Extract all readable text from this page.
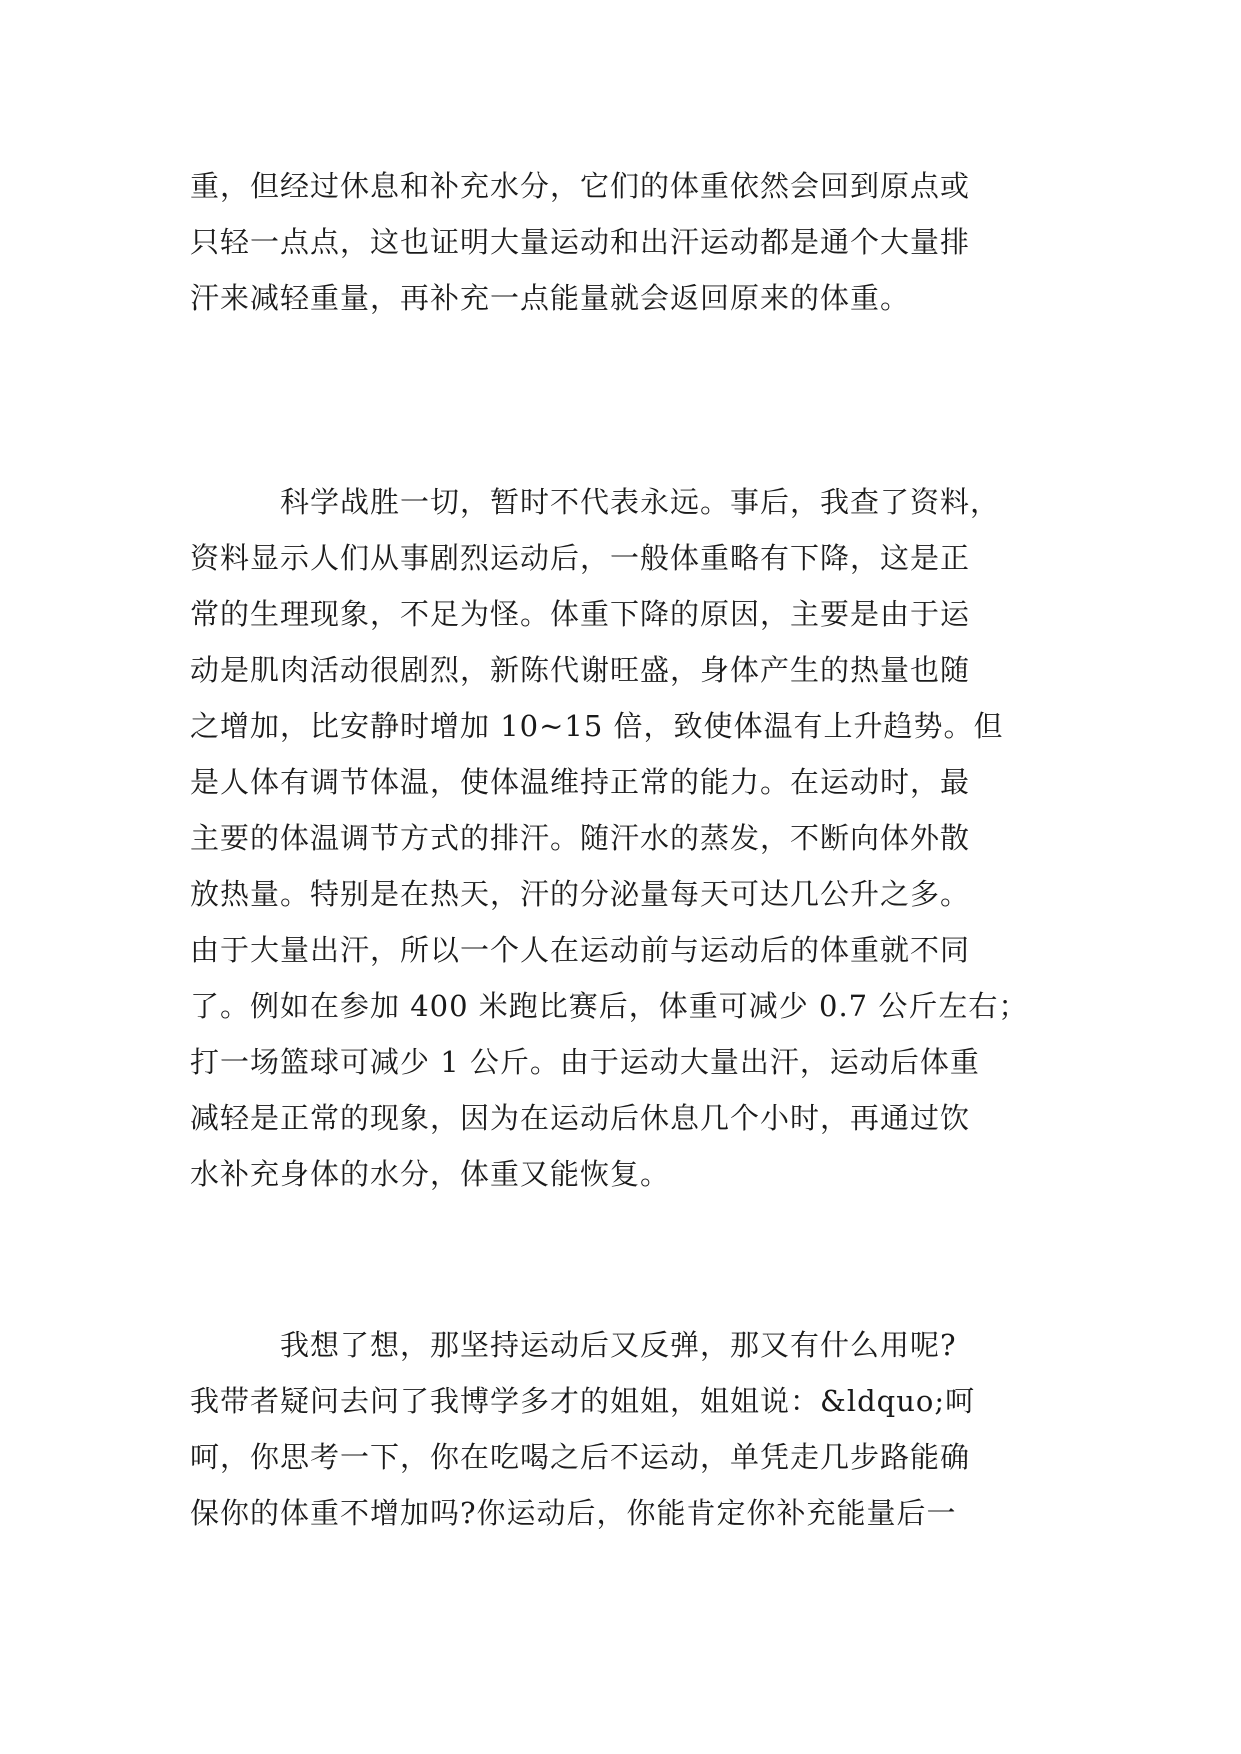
重，但经过休息和补充水分，它们的体重依然会回到原点或
只轻一点点，这也证明大量运动和出汗运动都是通个大量排
汗来减轻重量，再补充一点能量就会返回原来的体重。
　　　科学战胜一切，暂时不代表永远。事后，我查了资料，
资料显示人们从事剧烈运动后，一般体重略有下降，这是正
常的生理现象，不足为怪。体重下降的原因，主要是由于运
动是肌肉活动很剧烈，新陈代谢旺盛，身体产生的热量也随
之增加，比安静时增加 10~15 倍，致使体温有上升趋势。但
是人体有调节体温，使体温维持正常的能力。在运动时，最
主要的体温调节方式的排汗。随汗水的蒸发，不断向体外散
放热量。特别是在热天，汗的分泌量每天可达几公升之多。
由于大量出汗，所以一个人在运动前与运动后的体重就不同
了。例如在参加 400 米跑比赛后，体重可减少 0.7 公斤左右；
打一场篮球可减少 1 公斤。由于运动大量出汗，运动后体重
减轻是正常的现象，因为在运动后休息几个小时，再通过饮
水补充身体的水分，体重又能恢复。
　　　我想了想，那坚持运动后又反弹，那又有什么用呢?
我带者疑问去问了我博学多才的姐姐，姐姐说：&ldquo;呵
呵，你思考一下，你在吃喝之后不运动，单凭走几步路能确
保你的体重不增加吗?你运动后，你能肯定你补充能量后一
